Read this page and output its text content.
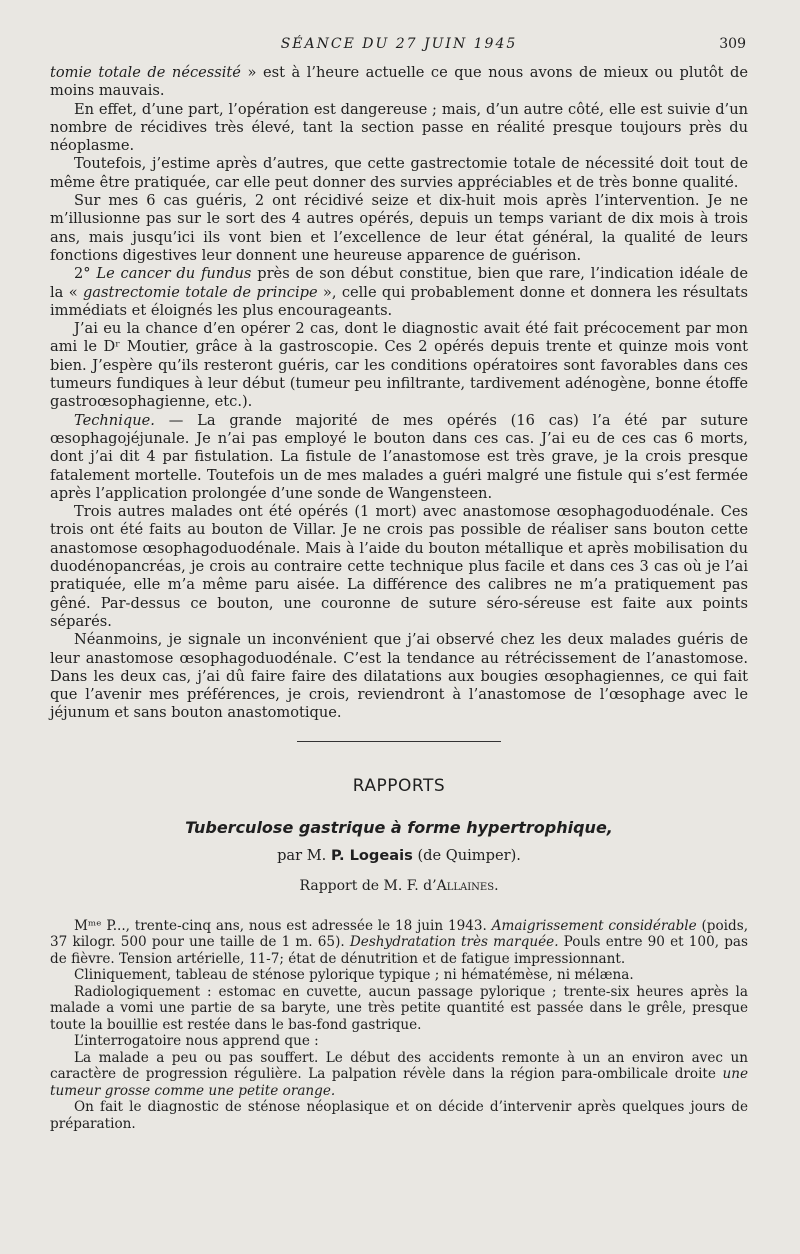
SÉANCE DU 27 JUIN 1945	309

tomie totale de nécessité » est à l’heure actuelle ce que nous avons de mieux ou plutôt de moins mauvais.

En effet, d’une part, l’opération est dangereuse ; mais, d’un autre côté, elle est suivie d’un nombre de récidives très élevé, tant la section passe en réalité presque toujours près du néoplasme.

Toutefois, j’estime après d’autres, que cette gastrectomie totale de nécessité doit tout de même être pratiquée, car elle peut donner des survies appréciables et de très bonne qualité.

Sur mes 6 cas guéris, 2 ont récidivé seize et dix-huit mois après l’intervention. Je ne m’illusionne pas sur le sort des 4 autres opérés, depuis un temps variant de dix mois à trois ans, mais jusqu’ici ils vont bien et l’excellence de leur état général, la qualité de leurs fonctions digestives leur donnent une heureuse apparence de guérison.

2° Le cancer du fundus près de son début constitue, bien que rare, l’indication idéale de la « gastrectomie totale de principe », celle qui probablement donne et donnera les résultats immédiats et éloignés les plus encourageants.

J’ai eu la chance d’en opérer 2 cas, dont le diagnostic avait été fait précocement par mon ami le Dʳ Moutier, grâce à la gastroscopie. Ces 2 opérés depuis trente et quinze mois vont bien. J’espère qu’ils resteront guéris, car les conditions opératoires sont favorables dans ces tumeurs fundiques à leur début (tumeur peu infiltrante, tardivement adénogène, bonne étoffe gastroœsophagienne, etc.).

Technique. — La grande majorité de mes opérés (16 cas) l’a été par suture œsophagojéjunale. Je n’ai pas employé le bouton dans ces cas. J’ai eu de ces cas 6 morts, dont j’ai dit 4 par fistulation. La fistule de l’anastomose est très grave, je la crois presque fatalement mortelle. Toutefois un de mes malades a guéri malgré une fistule qui s’est fermée après l’application prolongée d’une sonde de Wangensteen.

Trois autres malades ont été opérés (1 mort) avec anastomose œsophagoduodénale. Ces trois ont été faits au bouton de Villar. Je ne crois pas possible de réaliser sans bouton cette anastomose œsophagoduodénale. Mais à l’aide du bouton métallique et après mobilisation du duodénopancréas, je crois au contraire cette technique plus facile et dans ces 3 cas où je l’ai pratiquée, elle m’a même paru aisée. La différence des calibres ne m’a pratiquement pas gêné. Par-dessus ce bouton, une couronne de suture séro-séreuse est faite aux points séparés.

Néanmoins, je signale un inconvénient que j’ai observé chez les deux malades guéris de leur anastomose œsophagoduodénale. C’est la tendance au rétrécissement de l’anastomose. Dans les deux cas, j’ai dû faire faire des dilatations aux bougies œsophagiennes, ce qui fait que l’avenir mes préférences, je crois, reviendront à l’anastomose de l’œsophage avec le jéjunum et sans bouton anastomotique.

RAPPORTS
Tuberculose gastrique à forme hypertrophique,
par M. P. Logeais (de Quimper).
Rapport de M. F. d’Allaines.

Mᵐᵉ P..., trente-cinq ans, nous est adressée le 18 juin 1943. Amaigrissement considérable (poids, 37 kilogr. 500 pour une taille de 1 m. 65). Deshydratation très marquée. Pouls entre 90 et 100, pas de fièvre. Tension artérielle, 11-7; état de dénutrition et de fatigue impressionnant.

Cliniquement, tableau de sténose pylorique typique ; ni hématémèse, ni mélæna.

Radiologiquement : estomac en cuvette, aucun passage pylorique ; trente-six heures après la malade a vomi une partie de sa baryte, une très petite quantité est passée dans le grêle, presque toute la bouillie est restée dans le bas-fond gastrique.

L’interrogatoire nous apprend que :

La malade a peu ou pas souffert. Le début des accidents remonte à un an environ avec un caractère de progression régulière. La palpation révèle dans la région para-ombilicale droite une tumeur grosse comme une petite orange.

On fait le diagnostic de sténose néoplasique et on décide d’intervenir après quelques jours de préparation.
